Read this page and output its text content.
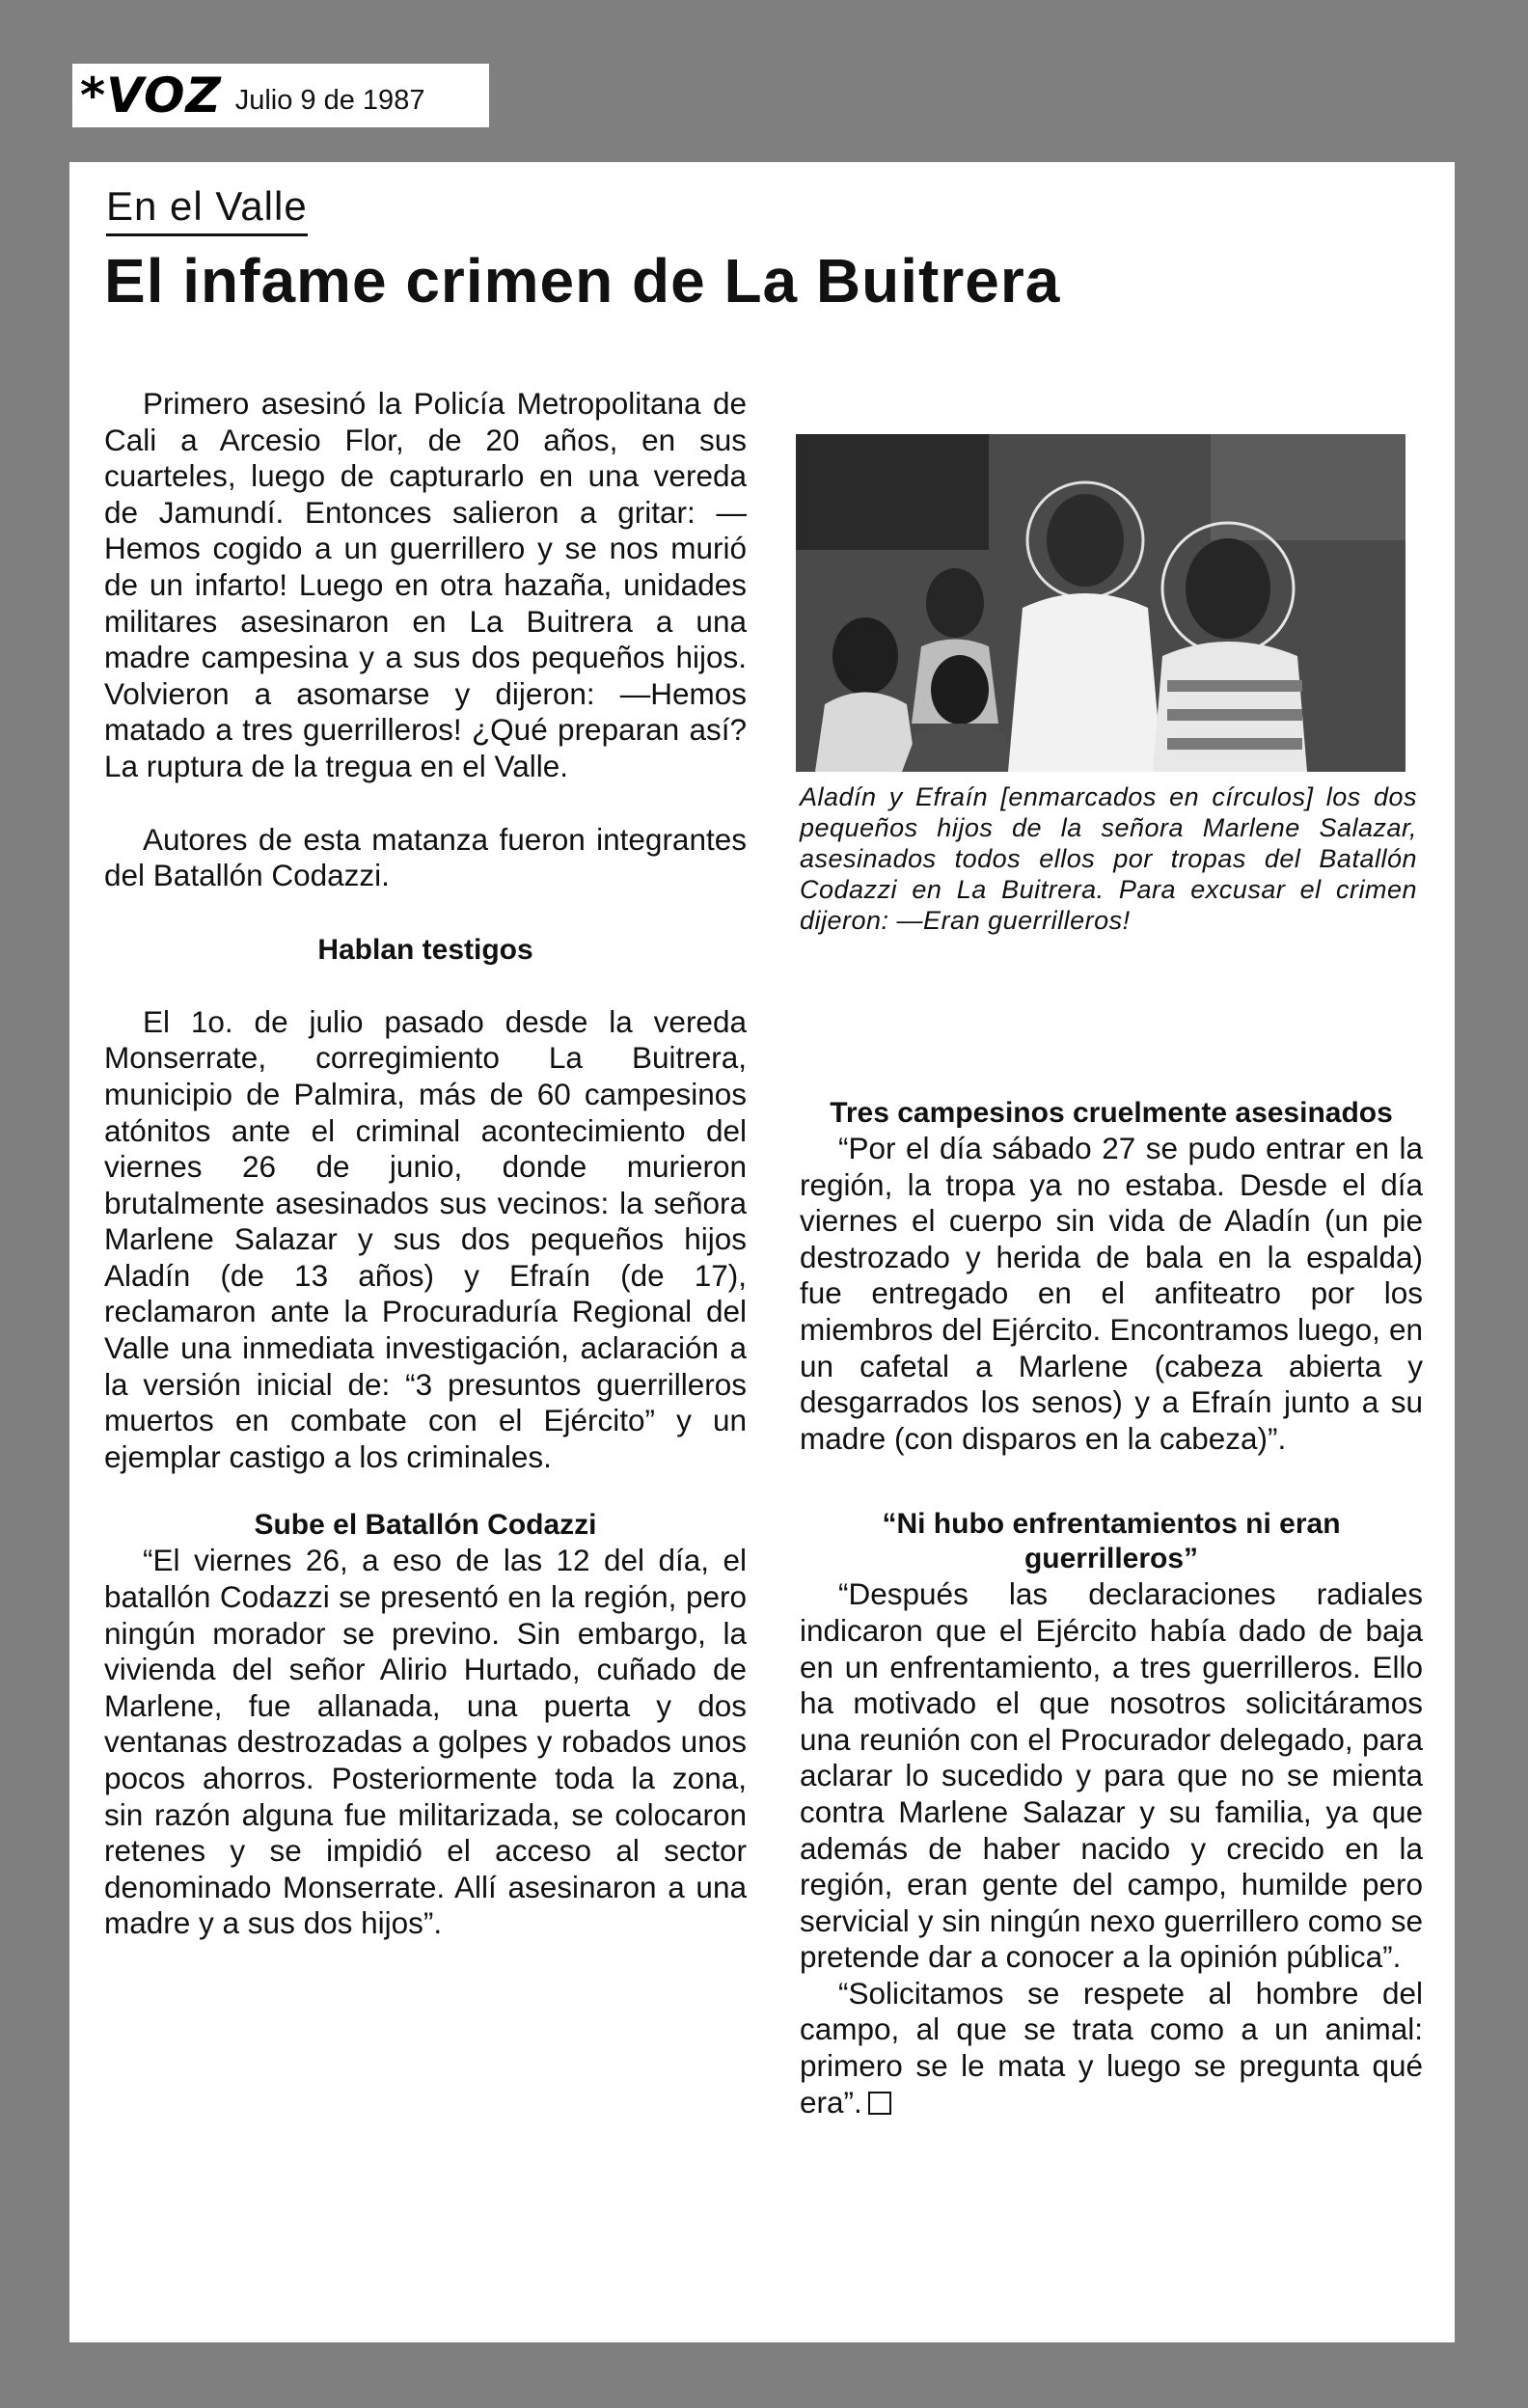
*VOZ Julio 9 de 1987
En el Valle
El infame crimen de La Buitrera

Primero asesinó la Policía Metropolitana de Cali a Arcesio Flor, de 20 años, en sus cuarteles, luego de capturarlo en una vereda de Jamundí. Entonces salieron a gritar: —Hemos cogido a un guerrillero y se nos murió de un infarto! Luego en otra hazaña, unidades militares asesinaron en La Buitrera a una madre campesina y a sus dos pequeños hijos. Volvieron a asomarse y dijeron: —Hemos matado a tres guerrilleros! ¿Qué preparan así? La ruptura de la tregua en el Valle.

Autores de esta matanza fueron integrantes del Batallón Codazzi.

Hablan testigos

El 1o. de julio pasado desde la vereda Monserrate, corregimiento La Buitrera, municipio de Palmira, más de 60 campesinos atónitos ante el criminal acontecimiento del viernes 26 de junio, donde murieron brutalmente asesinados sus vecinos: la señora Marlene Salazar y sus dos pequeños hijos Aladín (de 13 años) y Efraín (de 17), reclamaron ante la Procuraduría Regional del Valle una inmediata investigación, aclaración a la versión inicial de: “3 presuntos guerrilleros muertos en combate con el Ejército” y un ejemplar castigo a los criminales.

Sube el Batallón Codazzi

“El viernes 26, a eso de las 12 del día, el batallón Codazzi se presentó en la región, pero ningún morador se previno. Sin embargo, la vivienda del señor Alirio Hurtado, cuñado de Marlene, fue allanada, una puerta y dos ventanas destrozadas a golpes y robados unos pocos ahorros. Posteriormente toda la zona, sin razón alguna fue militarizada, se colocaron retenes y se impidió el acceso al sector denominado Monserrate. Allí asesinaron a una madre y a sus dos hijos”.

Aladín y Efraín [enmarcados en círculos] los dos pequeños hijos de la señora Marlene Salazar, asesinados todos ellos por tropas del Batallón Codazzi en La Buitrera. Para excusar el crimen dijeron: —Eran guerrilleros!
Tres campesinos cruelmente asesinados

“Por el día sábado 27 se pudo entrar en la región, la tropa ya no estaba. Desde el día viernes el cuerpo sin vida de Aladín (un pie destrozado y herida de bala en la espalda) fue entregado en el anfiteatro por los miembros del Ejército. Encontramos luego, en un cafetal a Marlene (cabeza abierta y desgarrados los senos) y a Efraín junto a su madre (con disparos en la cabeza)”.

“Ni hubo enfrentamientos ni eran guerrilleros”

“Después las declaraciones radiales indicaron que el Ejército había dado de baja en un enfrentamiento, a tres guerrilleros. Ello ha motivado el que nosotros solicitáramos una reunión con el Procurador delegado, para aclarar lo sucedido y para que no se mienta contra Marlene Salazar y su familia, ya que además de haber nacido y crecido en la región, eran gente del campo, humilde pero servicial y sin ningún nexo guerrillero como se pretende dar a conocer a la opinión pública”.

“Solicitamos se respete al hombre del campo, al que se trata como a un animal: primero se le mata y luego se pregunta qué era”.
